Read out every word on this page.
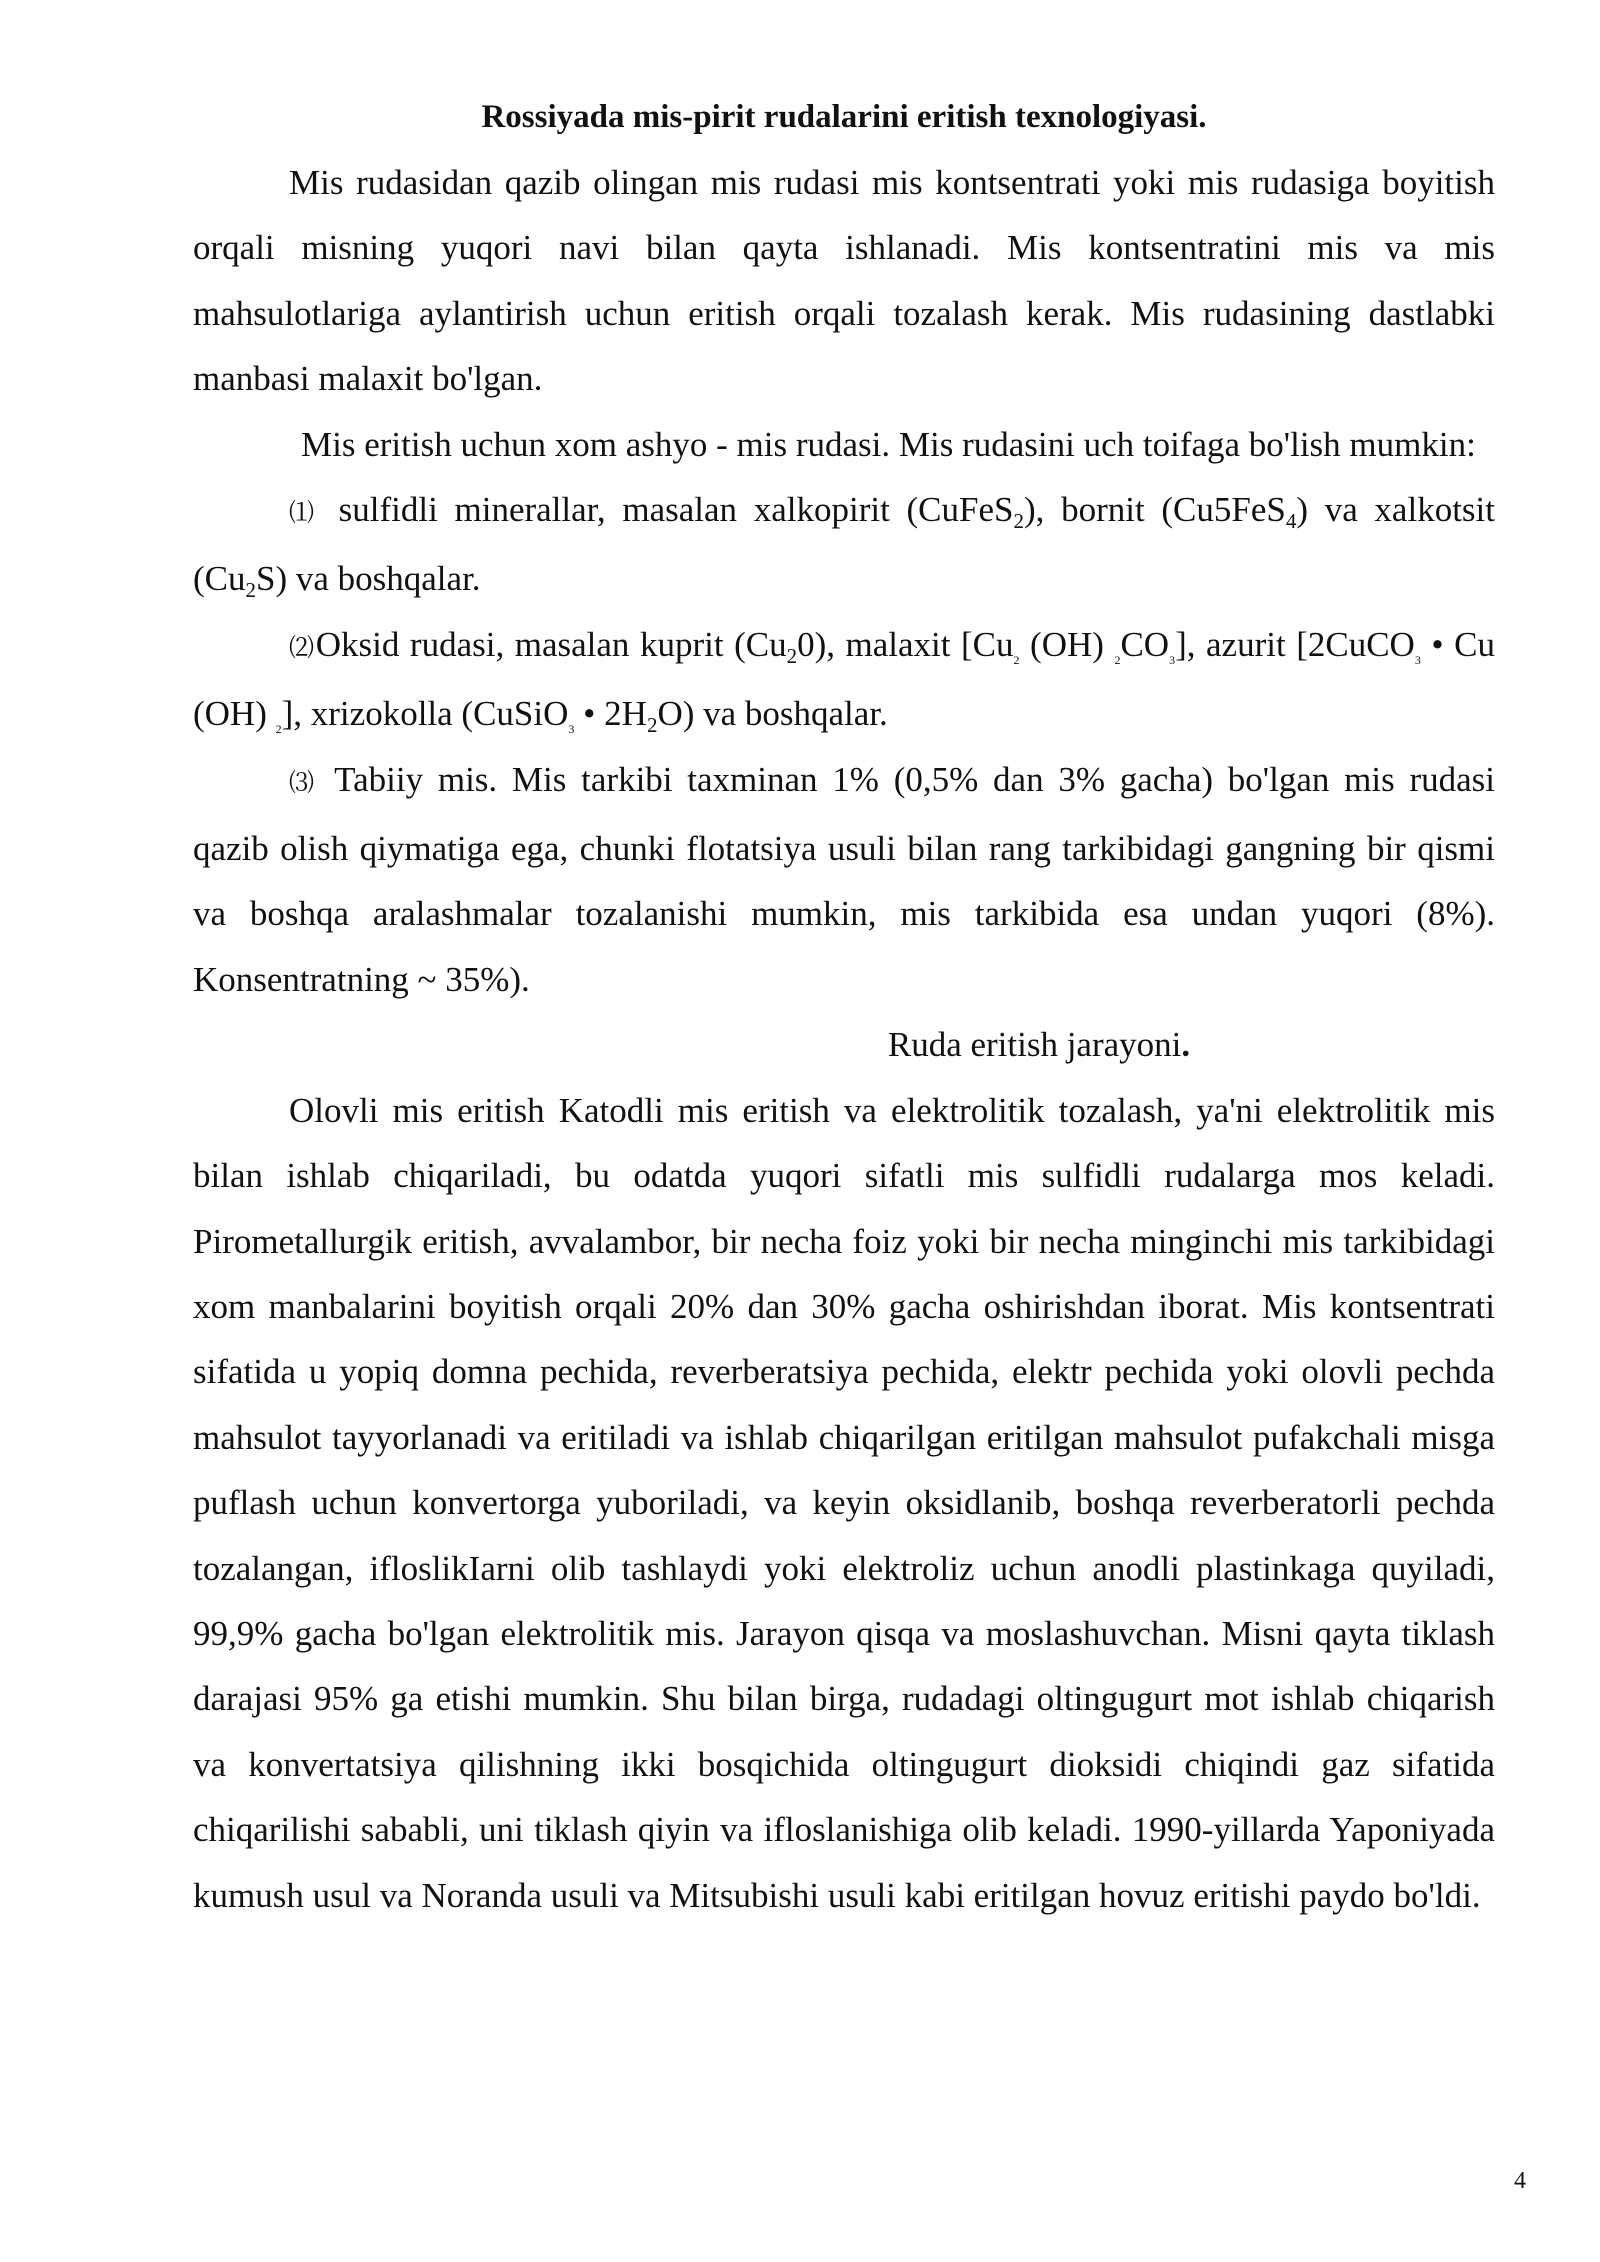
Rossiyada mis-pirit rudalarini eritish texnologiyasi.

Mis rudasidan qazib olingan mis rudasi mis kontsentrati yoki mis rudasiga boyitish orqali misning yuqori navi bilan qayta ishlanadi. Mis kontsentratini mis va mis mahsulotlariga aylantirish uchun eritish orqali tozalash kerak. Mis rudasining dastlabki manbasi malaxit bo'lgan.

Mis eritish uchun xom ashyo - mis rudasi. Mis rudasini uch toifaga bo'lish mumkin:

⑴ sulfidli minerallar, masalan xalkopirit (CuFeS$_2$), bornit (Cu5FeS$_4$) va xalkotsit $(Cu_2S)$ va boshqalar.

⑵Oksid rudasi, masalan kuprit $(Cu_20)$, malaxit [$Cu_2$ (OH) $_2CO_3$], azurit [2CuCO$_3$ • Cu (OH) $_2$], xrizokolla (CuSiO$_3$ • $2H_2O$) va boshqalar.

⑶ Tabiiy mis. Mis tarkibi taxminan 1% (0,5% dan 3% gacha) bo'lgan mis rudasi qazib olish qiymatiga ega, chunki flotatsiya usuli bilan rang tarkibidagi gangning bir qismi va boshqa aralashmalar tozalanishi mumkin, mis tarkibida esa undan yuqori (8%). Konsentratning ~ 35%).

Ruda eritish jarayoni.

Olovli mis eritish Katodli mis eritish va elektrolitik tozalash, ya'ni elektrolitik mis bilan ishlab chiqariladi, bu odatda yuqori sifatli mis sulfidli rudalarga mos keladi. Pirometallurgik eritish, avvalambor, bir necha foiz yoki bir necha minginchi mis tarkibidagi xom manbalarini boyitish orqali 20% dan 30% gacha oshirishdan iborat. Mis kontsentrati sifatida u yopiq domna pechida, reverberatsiya pechida, elektr pechida yoki olovli pechda mahsulot tayyorlanadi va eritiladi va ishlab chiqarilgan eritilgan mahsulot pufakchali misga puflash uchun konvertorga yuboriladi, va keyin oksidlanib, boshqa reverberatorli pechda tozalangan, ifloslikIarni olib tashlaydi yoki elektroliz uchun anodli plastinkaga quyiladi, 99,9% gacha bo'lgan elektrolitik mis. Jarayon qisqa va moslashuvchan. Misni qayta tiklash darajasi 95% ga etishi mumkin. Shu bilan birga, rudadagi oltingugurt mot ishlab chiqarish va konvertatsiya qilishning ikki bosqichida oltingugurt dioksidi chiqindi gaz sifatida chiqarilishi sababli, uni tiklash qiyin va ifloslanishiga olib keladi. 1990-yillarda Yaponiyada kumush usul va Noranda usuli va Mitsubishi usuli kabi eritilgan hovuz eritishi paydo bo'ldi.

4
